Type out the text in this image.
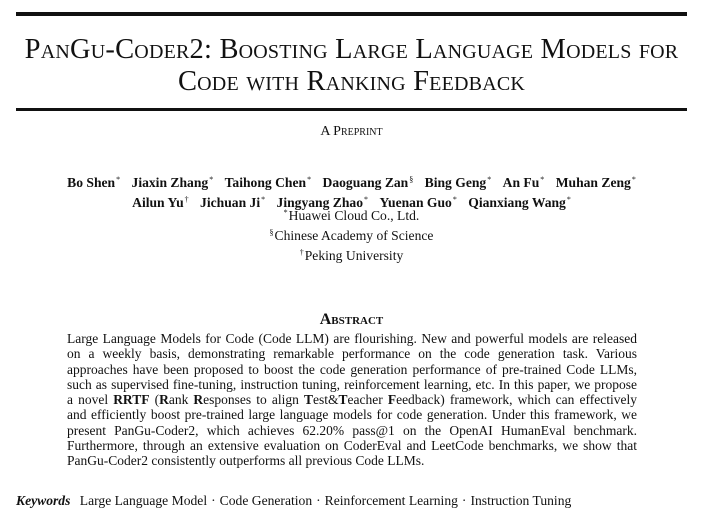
PanGu-Coder2: Boosting Large Language Models for
Code with Ranking Feedback
A Preprint
Bo Shen* Jiaxin Zhang* Taihong Chen* Daoguang Zan§ Bing Geng* An Fu* Muhan Zeng*
Ailun Yu† Jichuan Ji* Jingyang Zhao* Yuenan Guo* Qianxiang Wang*
*Huawei Cloud Co., Ltd.
§Chinese Academy of Science
†Peking University
Abstract
Large Language Models for Code (Code LLM) are flourishing. New and powerful models are released on a weekly basis, demonstrating remarkable performance on the code generation task. Various approaches have been proposed to boost the code generation performance of pre-trained Code LLMs, such as supervised fine-tuning, instruction tuning, reinforcement learning, etc. In this paper, we propose a novel RRTF (Rank Responses to align Test&Teacher Feedback) framework, which can effectively and efficiently boost pre-trained large language models for code generation. Under this framework, we present PanGu-Coder2, which achieves 62.20% pass@1 on the OpenAI HumanEval benchmark. Furthermore, through an extensive evaluation on CoderEval and LeetCode benchmarks, we show that PanGu-Coder2 consistently outperforms all previous Code LLMs.
Keywords Large Language Model · Code Generation · Reinforcement Learning · Instruction Tuning
